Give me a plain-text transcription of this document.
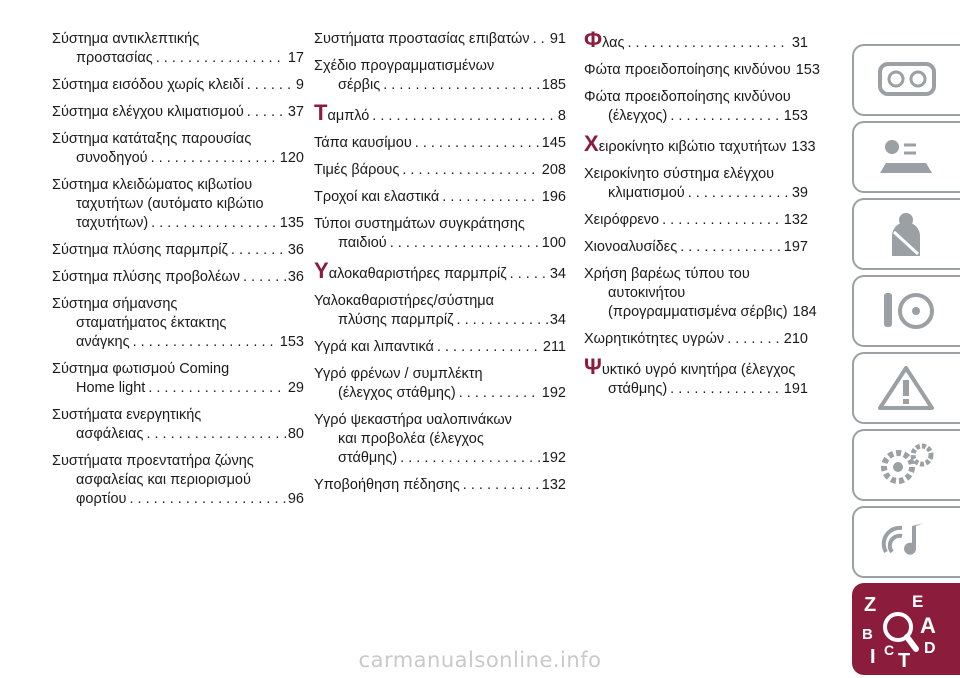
Σύστημα αντικλεπτικής
προστασίας . . .	17
Σύστημα εισόδου χωρίς κλειδί . . .	9
Σύστημα ελέγχου κλιματισμού . . .	37
Σύστημα κατάταξης παρουσίας
συνοδηγού . . .	120
Σύστημα κλειδώματος κιβωτίου
ταχυτήτων (αυτόματο κιβώτιο
ταχυτήτων) . . .	135
Σύστημα πλύσης παρμπρίζ . . .	36
Σύστημα πλύσης προβολέων . . .	36
Σύστημα σήμανσης
σταματήματος έκτακτης
ανάγκης . . .	153
Σύστημα φωτισμού Coming
Home light . . .	29
Συστήματα ενεργητικής
ασφάλειας . . .	80
Συστήματα προεντατήρα ζώνης
ασφαλείας και περιορισμού
φορτίου . . .	96
Συστήματα προστασίας επιβατών . . . 91
Σχέδιο προγραμματισμένων
σέρβις . . .	185
Ταμπλό . . .	8
Τάπα καυσίμου . . .	145
Τιμές βάρους . . .	208
Τροχοί και ελαστικά . . .	196
Τύποι συστημάτων συγκράτησης
παιδιού . . .	100
Υαλοκαθαριστήρες παρμπρίζ . . .	34
Υαλοκαθαριστήρες/σύστημα
πλύσης παρμπρίζ . . .	34
Υγρά και λιπαντικά . . .	211
Υγρό φρένων / συμπλέκτη
(έλεγχος στάθμης) . . .	192
Υγρό ψεκαστήρα υαλοπινάκων
και προβολέα (έλεγχος
στάθμης) . . .	192
Υποβοήθηση πέδησης . . .	132
Φλας . . .	31
Φώτα προειδοποίησης κινδύνου . . . 153
Φώτα προειδοποίησης κινδύνου
(έλεγχος) . . .	153
Χειροκίνητο κιβώτιο ταχυτήτων . . . 133
Χειροκίνητο σύστημα ελέγχου
κλιματισμού . . .	39
Χειρόφρενο . . .	132
Χιονοαλυσίδες . . .	197
Χρήση βαρέως τύπου του
αυτοκινήτου
(προγραμματισμένα σέρβις) . . . 184
Χωρητικότητες υγρών . . .	210
Ψυκτικό υγρό κινητήρα (έλεγχος
στάθμης) . . .	191
Z E
A
B
I C T
D
carmanualsonline.info
